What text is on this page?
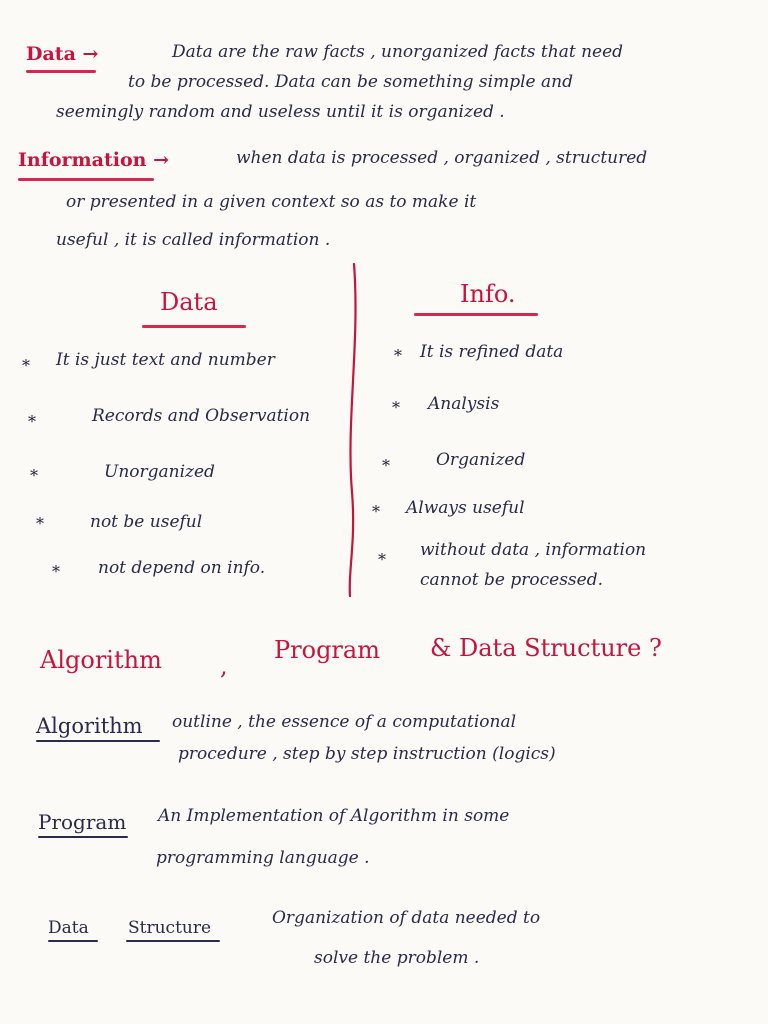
Data →	Data are the raw facts , unorganized facts that need
to be processed. Data can be something simple and
seemingly random and useless until it is organized .
Information →	when data is processed , organized , structured
or presented in a given context so as to make it
useful , it is called information .
Data	Info.
* It is just text and number
*	Records and Observation
*	Unorganized
*	not be useful
* not depend on info.
* It is refined data
* Analysis
*	Organized
* Always useful
* without data , information
cannot be processed.
Algorithm ,
Program & Data Structure ?
Algorithm outline , the essence of a computational
procedure , step by step instruction (logics)
Program An Implementation of Algorithm in some
programming language .
Data Structure	Organization of data needed to
solve the problem .
